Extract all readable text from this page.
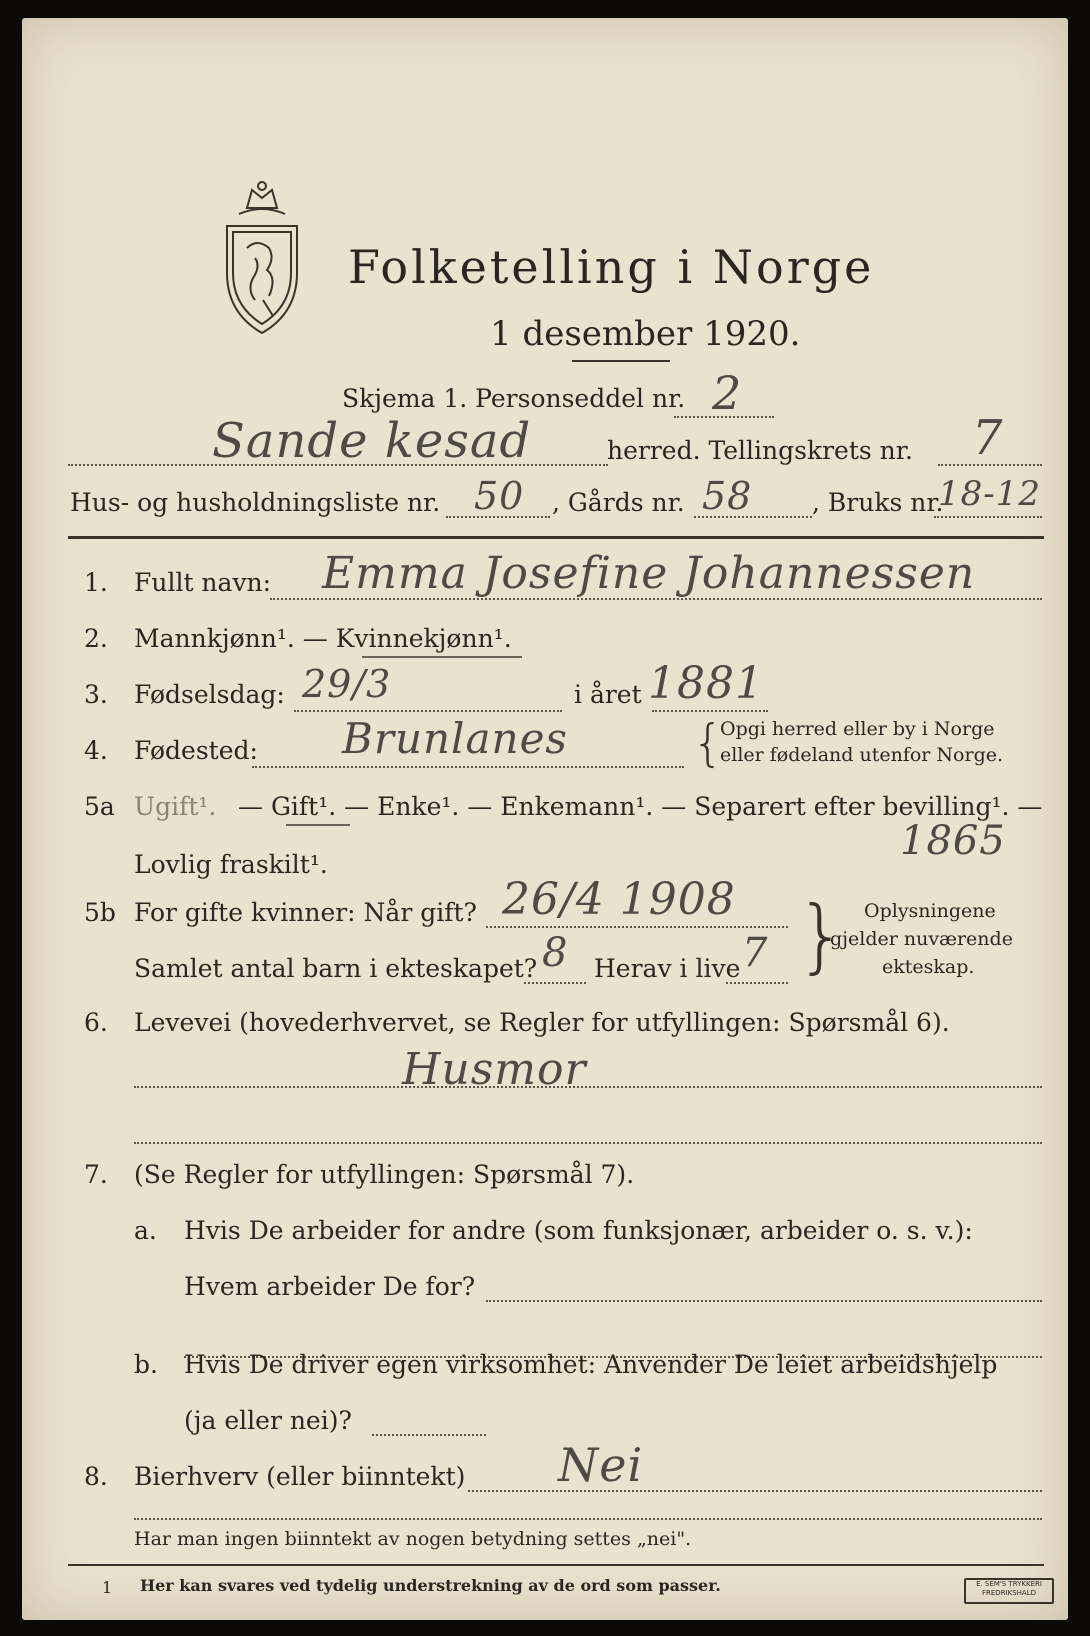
Folketelling i Norge
1 desember 1920.
Skjema 1. Personseddel nr. 2
Sande kesad	herred. Tellingskrets nr. 7
Hus- og husholdningsliste nr. 50 , Gårds nr. 58 , Bruks nr.
18-12
1. Fullt navn: Emma Josefine Johannessen
2. Mannkjønn¹. — Kvinnekjønn¹.
3. Fødselsdag: 29/3	i året 1881
4. Fødested: Brunlanes {
Opgi herred eller by i Norge
eller fødeland utenfor Norge.
5a Ugift¹. — Gift¹. — Enke¹. — Enkemann¹. — Separert efter bevilling¹. —
Lovlig fraskilt¹.
1865
5b For gifte kvinner: Når gift? 26/4 1908
Samlet antal barn i ekteskapet? 8 Herav i live 7 } Oplysningene
gjelder nuværende
ekteskap.
6. Levevei (hovederhvervet, se Regler for utfyllingen: Spørsmål 6).
Husmor
7. (Se Regler for utfyllingen: Spørsmål 7).
a. Hvis De arbeider for andre (som funksjonær, arbeider o. s. v.):
Hvem arbeider De for?
b. Hvis De driver egen virksomhet: Anvender De leiet arbeidshjelp
(ja eller nei)?
8. Bierhverv (eller biinntekt) Nei
Har man ingen biinntekt av nogen betydning settes „nei".
1 Her kan svares ved tydelig understrekning av de ord som passer.	E. SEM'S TRYKKERI
FREDRIKSHALD
